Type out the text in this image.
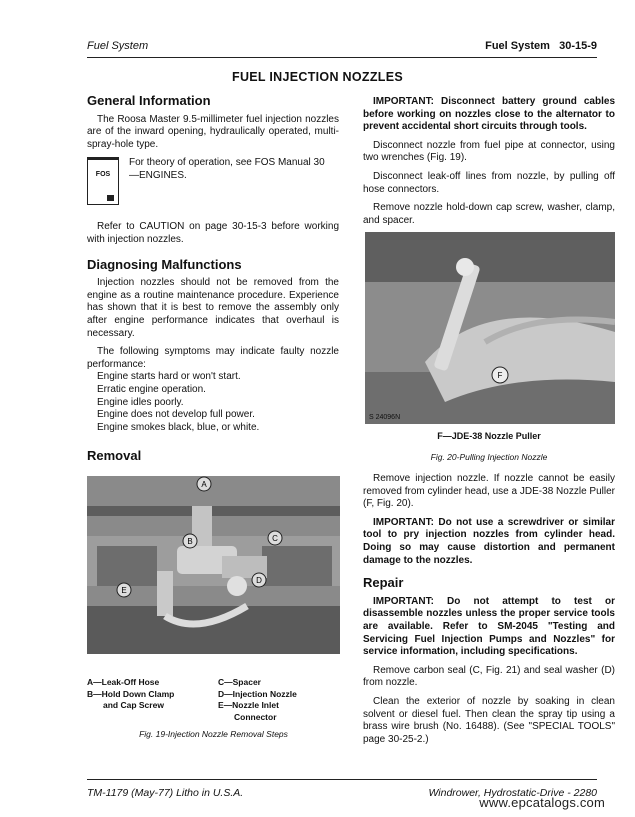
Fuel System	Fuel System   30-15-9
FUEL INJECTION NOZZLES
General Information

The Roosa Master 9.5-millimeter fuel injection nozzles are of the inward opening, hydraulically operated, multi-spray-hole type.

FOS
For theory of operation, see FOS Manual 30—ENGINES.

Refer to CAUTION on page 30-15-3 before working with injection nozzles.

Diagnosing Malfunctions

Injection nozzles should not be removed from the engine as a routine maintenance procedure. Experience has shown that it is best to remove the assembly only after engine performance indicates that overhaul is necessary.

The following symptoms may indicate faulty nozzle performance:

Engine starts hard or won't start.
Erratic engine operation.
Engine idles poorly.
Engine does not develop full power.
Engine smokes black, blue, or white.
Removal
A
B	C
D
E
A—Leak-Off Hose
B—Hold Down Clamp
and Cap Screw
C—Spacer
D—Injection Nozzle
E—Nozzle Inlet
Connector
Fig. 19-Injection Nozzle Removal Steps

IMPORTANT: Disconnect battery ground cables before working on nozzles close to the alternator to prevent accidental short circuits through tools.

Disconnect nozzle from fuel pipe at connector, using two wrenches (Fig. 19).

Disconnect leak-off lines from nozzle, by pulling off hose connectors.

Remove nozzle hold-down cap screw, washer, clamp, and spacer.

F
S 24096N
F—JDE-38 Nozzle Puller
Fig. 20-Pulling Injection Nozzle

Remove injection nozzle. If nozzle cannot be easily removed from cylinder head, use a JDE-38 Nozzle Puller (F, Fig. 20).

IMPORTANT: Do not use a screwdriver or similar tool to pry injection nozzles from cylinder head. Doing so may cause distortion and permanent damage to the nozzles.

Repair

IMPORTANT: Do not attempt to test or disassemble nozzles unless the proper service tools are available. Refer to SM-2045 "Testing and Servicing Fuel Injection Pumps and Nozzles" for service information, including specifications.

Remove carbon seal (C, Fig. 21) and seal washer (D) from nozzle.

Clean the exterior of nozzle by soaking in clean solvent or diesel fuel. Then clean the spray tip using a brass wire brush (No. 16488). (See "SPECIAL TOOLS" page 30-25-2.)

TM-1179 (May-77) Litho in U.S.A.	Windrower, Hydrostatic-Drive - 2280
www.epcatalogs.com
